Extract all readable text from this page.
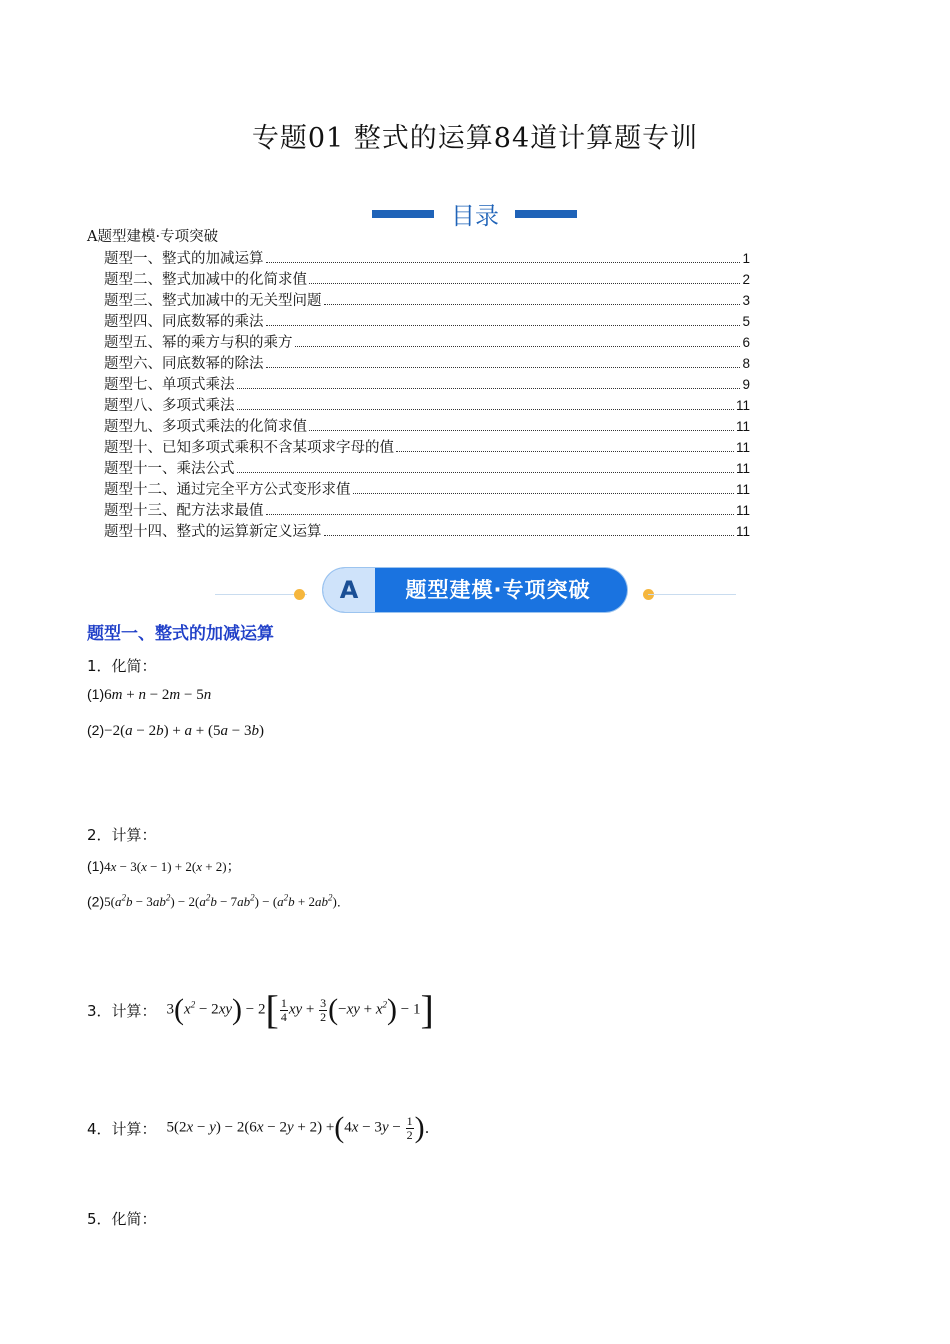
专题01 整式的运算84道计算题专训
目录
A题型建模·专项突破
题型一、整式的加减运算	1
题型二、整式加减中的化简求值	2
题型三、整式加减中的无关型问题	3
题型四、同底数幂的乘法	5
题型五、幂的乘方与积的乘方	6
题型六、同底数幂的除法	8
题型七、单项式乘法	9
题型八、多项式乘法	11
题型九、多项式乘法的化简求值	11
题型十、已知多项式乘积不含某项求字母的值	11
题型十一、乘法公式	11
题型十二、通过完全平方公式变形求值	11
题型十三、配方法求最值	11
题型十四、整式的运算新定义运算	11
A	题型建模·专项突破
题型一、整式的加减运算
1．化简：
(1)6m + n − 2m − 5n
(2)−2(a − 2b) + a + (5a − 3b)
2．计算：
(1)4x − 3(x − 1) + 2(x + 2)；
$(2)5(a^2b - 3ab^2) - 2(a^2b - 7ab^2) - (a^2b + 2ab^2)$.
3．计算： $3(x^2 - 2xy) - 2[ \frac{1}{4}$ xy + $\frac{3}{2} (-xy + x^2) - 1$]
4．计算： $5(2x - y) - 2(6x - 2y + 2) +(4x - 3y - \frac{1}{2}$ ) .
5．化简：
